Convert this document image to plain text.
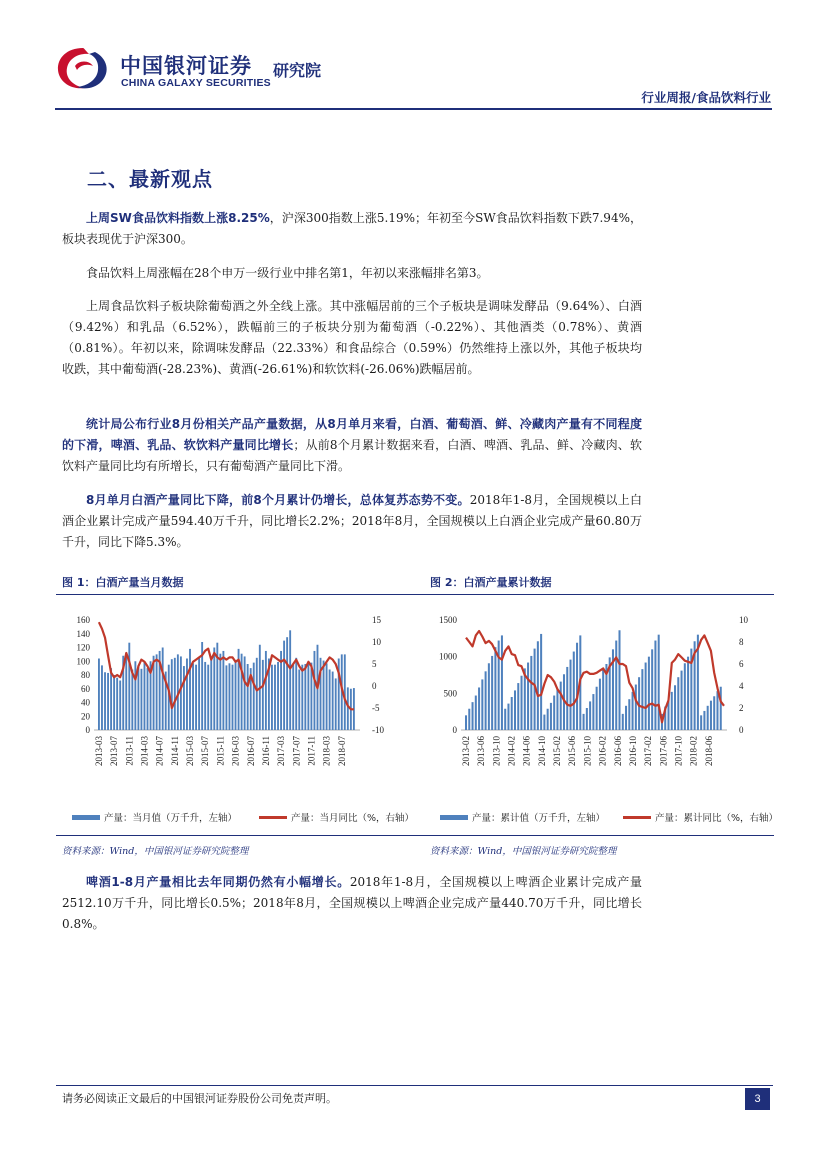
中国银河证券
CHINA GALAXY SECURITIES
研究院
行业周报/食品饮料行业
二、最新观点

上周SW食品饮料指数上涨8.25%，沪深300指数上涨5.19%；年初至今SW食品饮料指数下跌7.94%，板块表现优于沪深300。

食品饮料上周涨幅在28个申万一级行业中排名第1，年初以来涨幅排名第3。

上周食品饮料子板块除葡萄酒之外全线上涨。其中涨幅居前的三个子板块是调味发酵品（9.64%）、白酒（9.42%）和乳品（6.52%），跌幅前三的子板块分别为葡萄酒（-0.22%）、其他酒类（0.78%）、黄酒（0.81%）。年初以来，除调味发酵品（22.33%）和食品综合（0.59%）仍然维持上涨以外，其他子板块均收跌，其中葡萄酒(-28.23%)、黄酒(-26.61%)和软饮料(-26.06%)跌幅居前。

统计局公布行业8月份相关产品产量数据，从8月单月来看，白酒、葡萄酒、鲜、冷藏肉产量有不同程度的下滑，啤酒、乳品、软饮料产量同比增长；从前8个月累计数据来看，白酒、啤酒、乳品、鲜、冷藏肉、软饮料产量同比均有所增长，只有葡萄酒产量同比下滑。

8月单月白酒产量同比下降，前8个月累计仍增长，总体复苏态势不变。2018年1-8月，全国规模以上白酒企业累计完成产量594.40万千升，同比增长2.2%；2018年8月，全国规模以上白酒企业完成产量60.80万千升，同比下降5.3%。

图 1：白酒产量当月数据	图 2：白酒产量累计数据
0
20
40
60
80
100
120
140
160
-10
-5
0
5
10
15
2013-03 2013-07 2013-11 2014-03 2014-07 2014-11 2015-03 2015-07 2015-11 2016-03 2016-07 2016-11 2017-03 2017-07 2017-11 2018-03 2018-07
0
500
1000
1500
0
2
4
6
8
10
2013-02 2013-06 2013-10 2014-02 2014-06 2014-10 2015-02 2015-06 2015-10 2016-02 2016-06 2016-10 2017-02 2017-06 2017-10 2018-02 2018-06
产量：当月值（万千升，左轴）	产量：当月同比（%，右轴）	产量：累计值（万千升，左轴）	产量：累计同比（%，右轴）
资料来源：Wind，中国银河证券研究院整理	资料来源：Wind，中国银河证券研究院整理

啤酒1-8月产量相比去年同期仍然有小幅增长。2018年1-8月，全国规模以上啤酒企业累计完成产量2512.10万千升，同比增长0.5%；2018年8月，全国规模以上啤酒企业完成产量440.70万千升，同比增长0.8%。

请务必阅读正文最后的中国银河证券股份公司免责声明。	3
